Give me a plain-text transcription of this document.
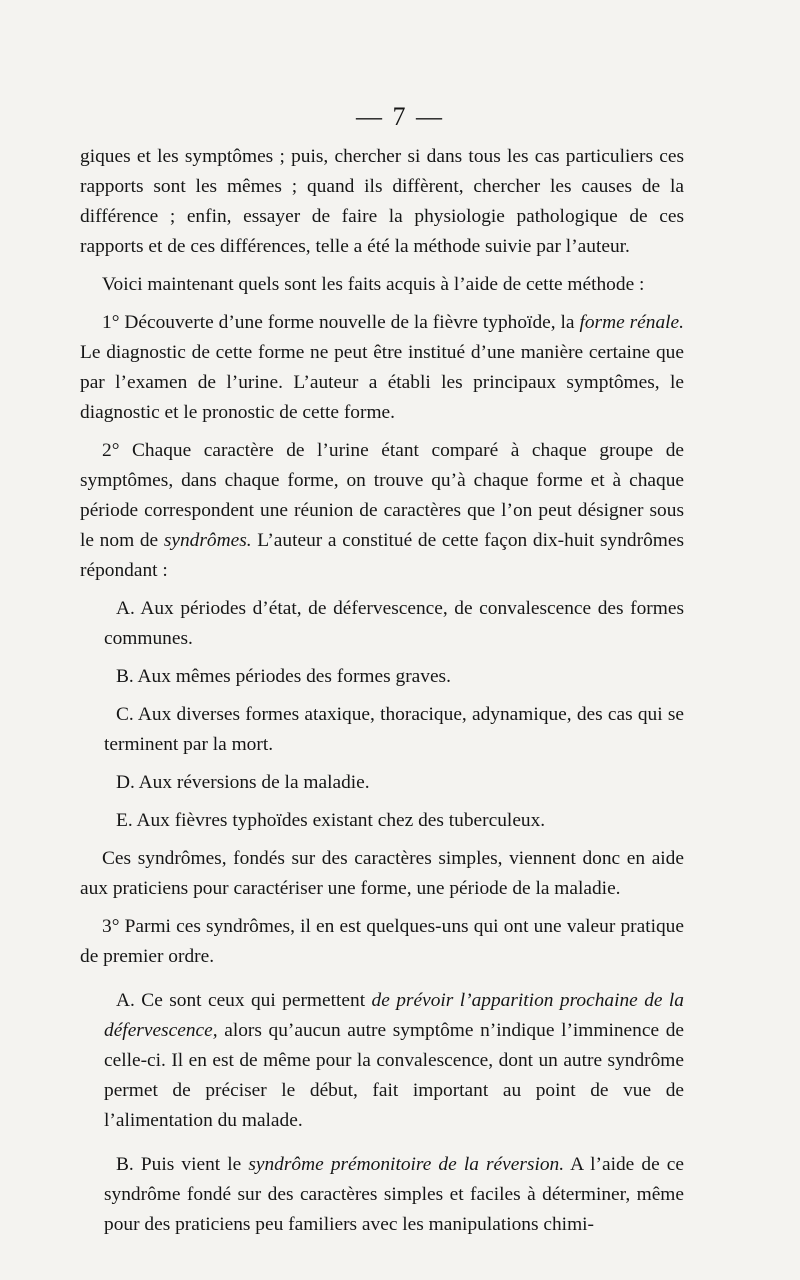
— 7 —

giques et les symptômes ; puis, chercher si dans tous les cas particuliers ces rapports sont les mêmes ; quand ils diffèrent, chercher les causes de la différence ; enfin, essayer de faire la physiologie pathologique de ces rapports et de ces différences, telle a été la méthode suivie par l’auteur.

Voici maintenant quels sont les faits acquis à l’aide de cette méthode :

1° Découverte d’une forme nouvelle de la fièvre typhoïde, la forme rénale. Le diagnostic de cette forme ne peut être institué d’une manière certaine que par l’examen de l’urine. L’auteur a établi les principaux symptômes, le diagnostic et le pronostic de cette forme.

2° Chaque caractère de l’urine étant comparé à chaque groupe de symptômes, dans chaque forme, on trouve qu’à chaque forme et à chaque période correspondent une réunion de caractères que l’on peut désigner sous le nom de syndrômes. L’auteur a constitué de cette façon dix-huit syndrômes répondant :

A. Aux périodes d’état, de défervescence, de convalescence des formes communes.

B. Aux mêmes périodes des formes graves.

C. Aux diverses formes ataxique, thoracique, adynamique, des cas qui se terminent par la mort.

D. Aux réversions de la maladie.

E. Aux fièvres typhoïdes existant chez des tuberculeux.

Ces syndrômes, fondés sur des caractères simples, viennent donc en aide aux praticiens pour caractériser une forme, une période de la maladie.

3° Parmi ces syndrômes, il en est quelques-uns qui ont une valeur pratique de premier ordre.

A. Ce sont ceux qui permettent de prévoir l’apparition prochaine de la défervescence, alors qu’aucun autre symptôme n’indique l’imminence de celle-ci. Il en est de même pour la convalescence, dont un autre syndrôme permet de préciser le début, fait important au point de vue de l’alimentation du malade.

B. Puis vient le syndrôme prémonitoire de la réversion. A l’aide de ce syndrôme fondé sur des caractères simples et faciles à déterminer, même pour des praticiens peu familiers avec les manipulations chimi-
